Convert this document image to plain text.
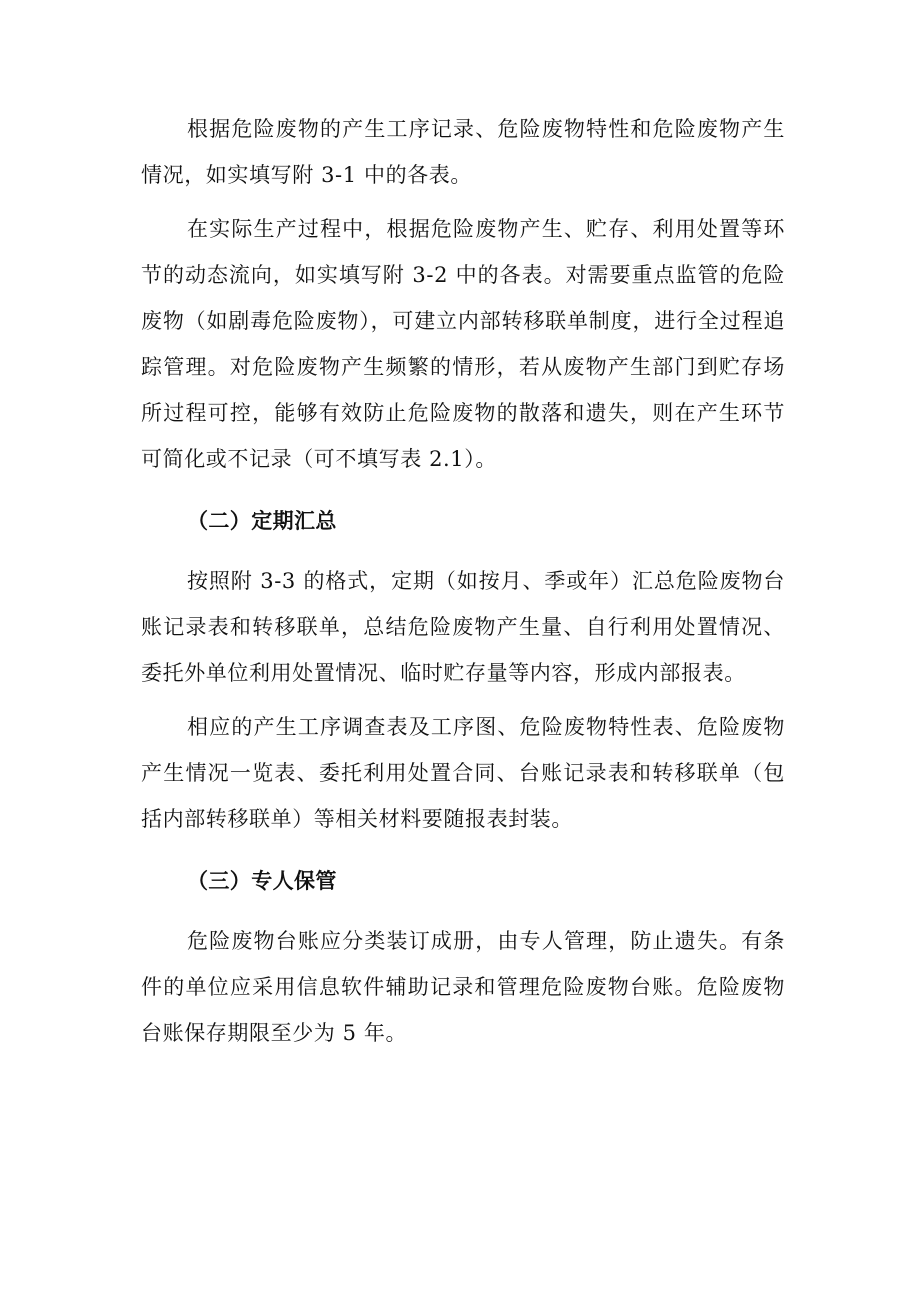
根据危险废物的产生工序记录、危险废物特性和危险废物产生情况，如实填写附 3-1 中的各表。

在实际生产过程中，根据危险废物产生、贮存、利用处置等环节的动态流向，如实填写附 3-2 中的各表。对需要重点监管的危险废物（如剧毒危险废物），可建立内部转移联单制度，进行全过程追踪管理。对危险废物产生频繁的情形，若从废物产生部门到贮存场所过程可控，能够有效防止危险废物的散落和遗失，则在产生环节可简化或不记录（可不填写表 2.1）。

（二）定期汇总

按照附 3-3 的格式，定期（如按月、季或年）汇总危险废物台账记录表和转移联单，总结危险废物产生量、自行利用处置情况、委托外单位利用处置情况、临时贮存量等内容，形成内部报表。

相应的产生工序调查表及工序图、危险废物特性表、危险废物产生情况一览表、委托利用处置合同、台账记录表和转移联单（包括内部转移联单）等相关材料要随报表封装。

（三）专人保管

危险废物台账应分类装订成册，由专人管理，防止遗失。有条件的单位应采用信息软件辅助记录和管理危险废物台账。危险废物台账保存期限至少为 5 年。
